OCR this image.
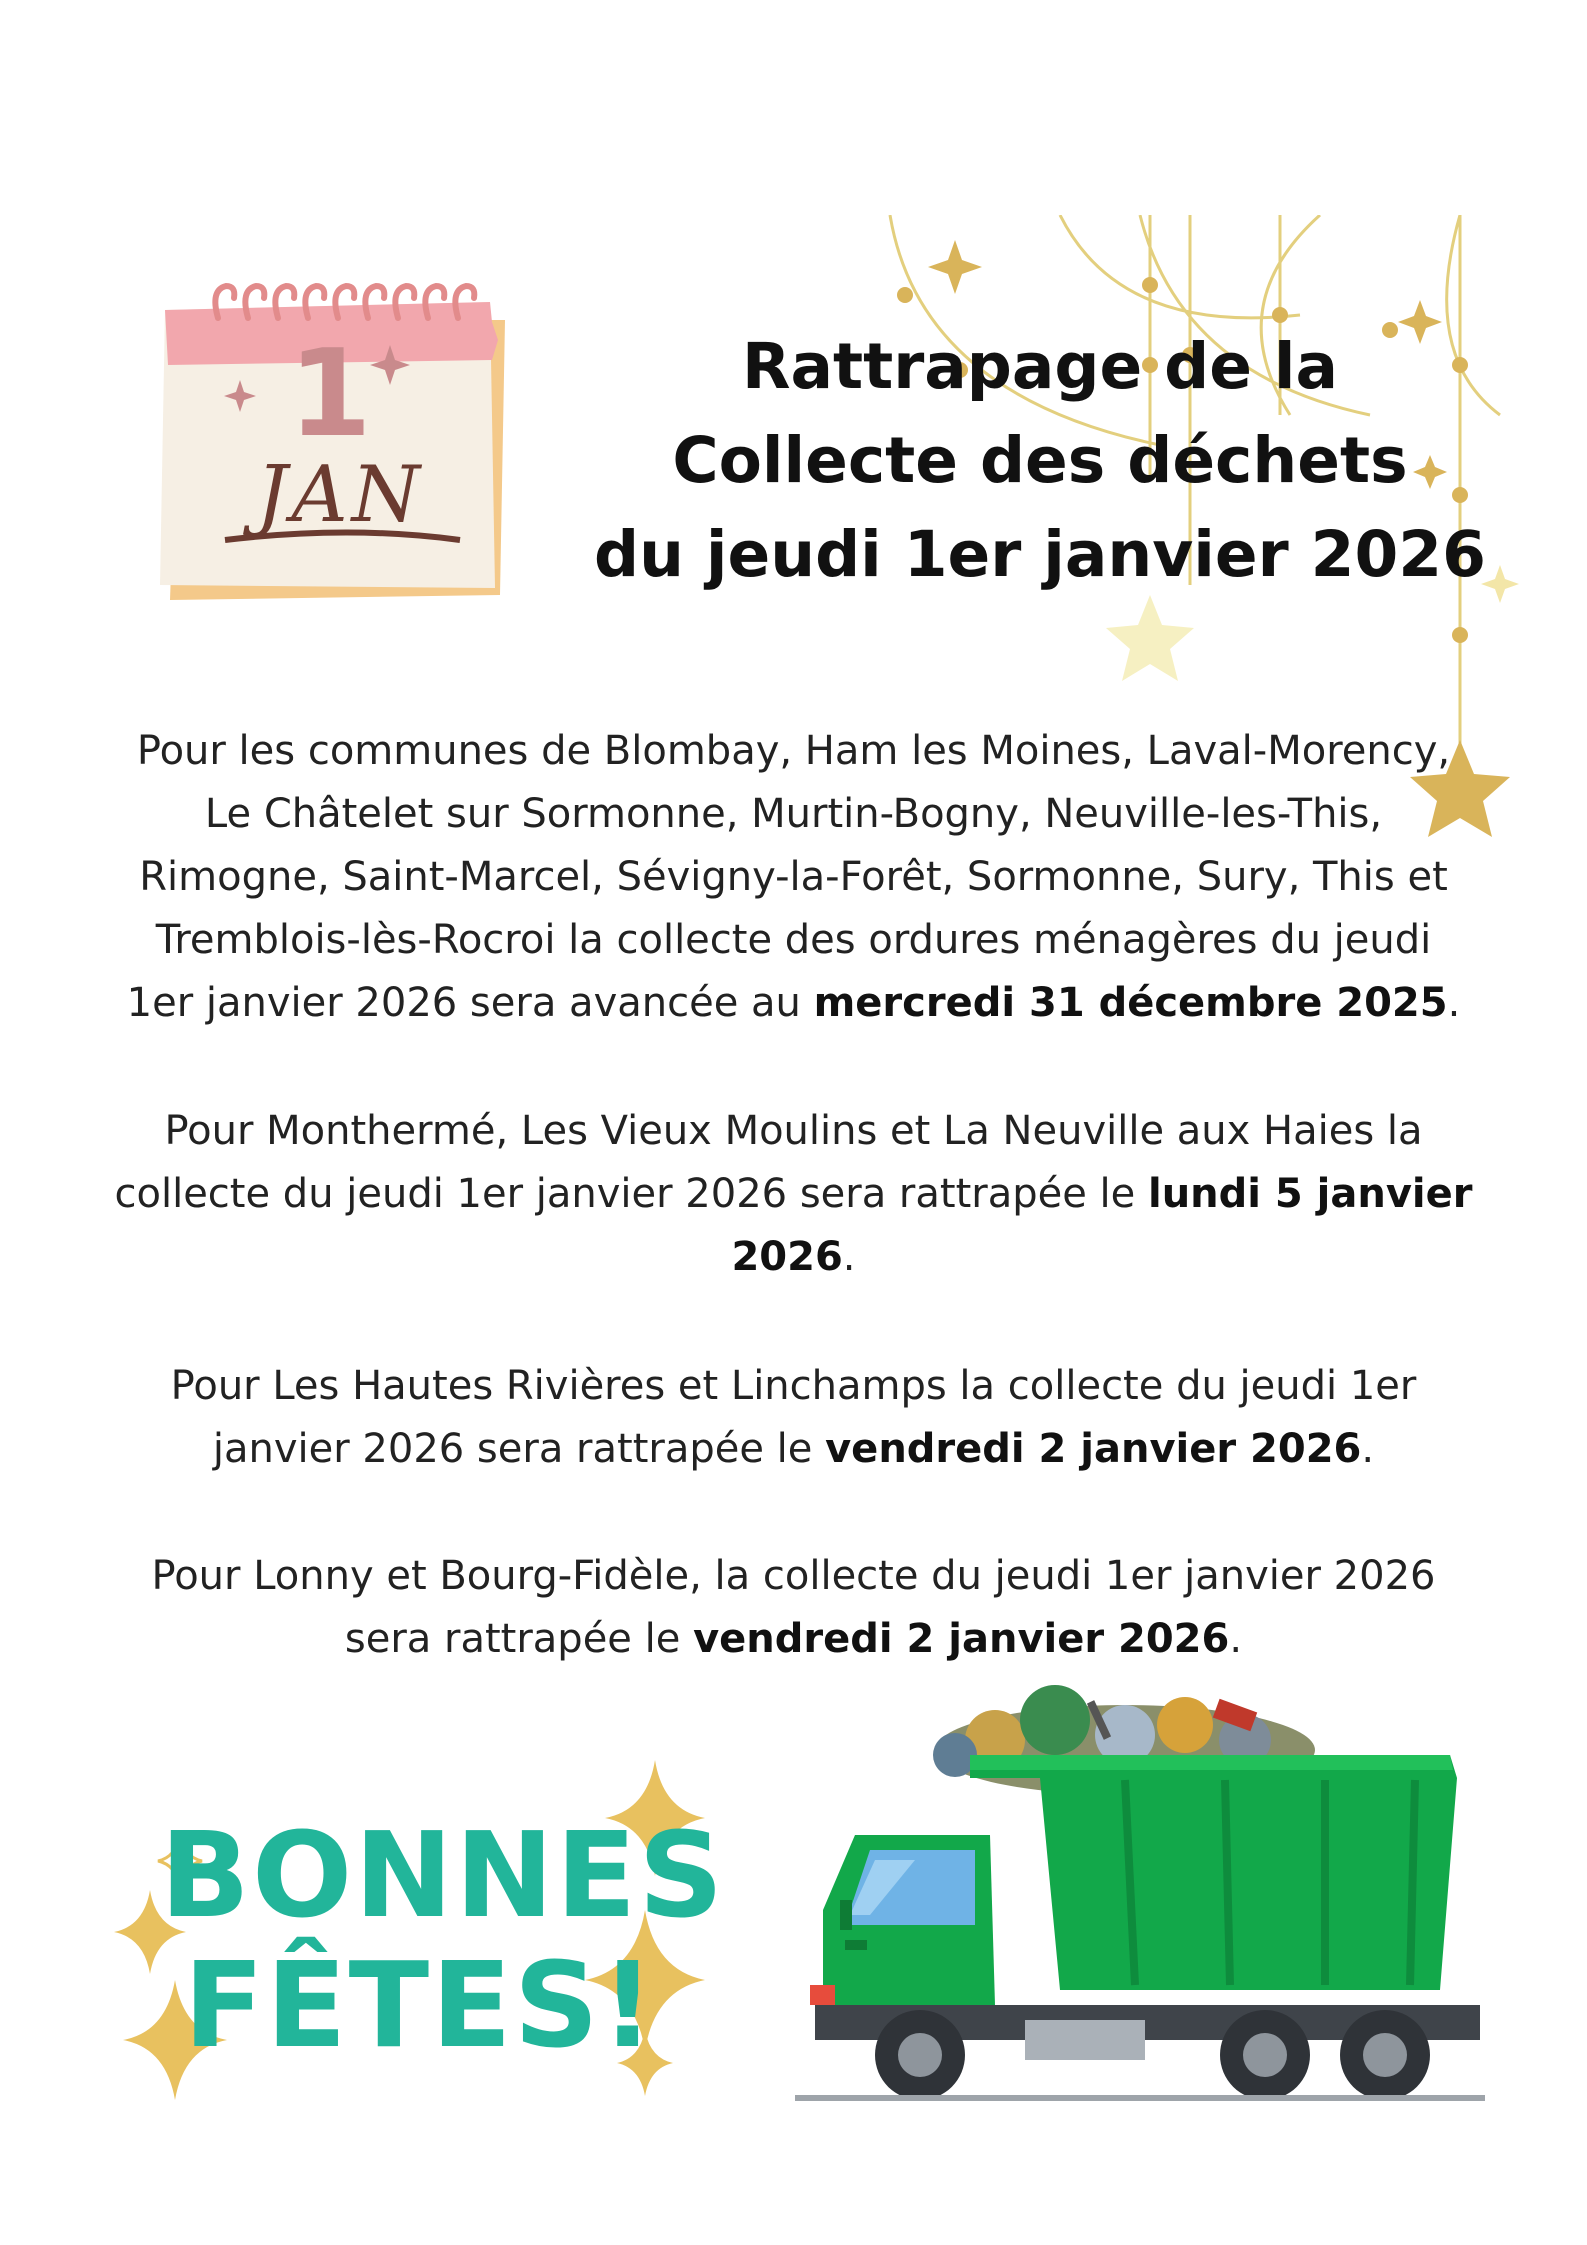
1
JAN
Rattrapage de la
Collecte des déchets
du jeudi 1er janvier 2026
Pour les communes de Blombay, Ham les Moines, Laval-Morency,
Le Châtelet sur Sormonne, Murtin-Bogny, Neuville-les-This,
Rimogne, Saint-Marcel, Sévigny-la-Forêt, Sormonne, Sury, This et
Tremblois-lès-Rocroi la collecte des ordures ménagères du jeudi
1er janvier 2026 sera avancée au mercredi 31 décembre 2025.
Pour Monthermé, Les Vieux Moulins et La Neuville aux Haies la
collecte du jeudi 1er janvier 2026 sera rattrapée le lundi 5 janvier
2026.
Pour Les Hautes Rivières et Linchamps la collecte du jeudi 1er
janvier 2026 sera rattrapée le vendredi 2 janvier 2026.
Pour Lonny et Bourg-Fidèle, la collecte du jeudi 1er janvier 2026
sera rattrapée le vendredi 2 janvier 2026.
BONNES
FÊTES!
